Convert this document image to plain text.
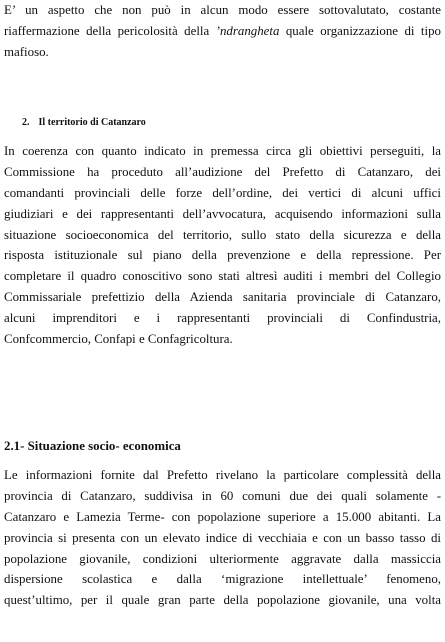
E’ un aspetto che non può in alcun modo essere sottovalutato, costante
riaffermazione della pericolosità della ’ndrangheta quale organizzazione di tipo
mafioso.
2. Il territorio di Catanzaro
In coerenza con quanto indicato in premessa circa gli obiettivi perseguiti, la
Commissione ha proceduto all’audizione del Prefetto di Catanzaro, dei
comandanti provinciali delle forze dell’ordine, dei vertici di alcuni uffici
giudiziari e dei rappresentanti dell’avvocatura, acquisendo informazioni sulla
situazione socioeconomica del territorio, sullo stato della sicurezza e della
risposta istituzionale sul piano della prevenzione e della repressione. Per
completare il quadro conoscitivo sono stati altresì auditi i membri del Collegio
Commissariale prefettizio della Azienda sanitaria provinciale di Catanzaro,
alcuni imprenditori e i rappresentanti provinciali di Confindustria,
Confcommercio, Confapi e Confagricoltura.
2.1- Situazione socio- economica
Le informazioni fornite dal Prefetto rivelano la particolare complessità della
provincia di Catanzaro, suddivisa in 60 comuni due dei quali solamente -
Catanzaro e Lamezia Terme- con popolazione superiore a 15.000 abitanti. La
provincia si presenta con un elevato indice di vecchiaia e con un basso tasso di
popolazione giovanile, condizioni ulteriormente aggravate dalla massiccia
dispersione scolastica e dalla ‘migrazione intellettuale’ fenomeno,
quest’ultimo, per il quale gran parte della popolazione giovanile, una volta
